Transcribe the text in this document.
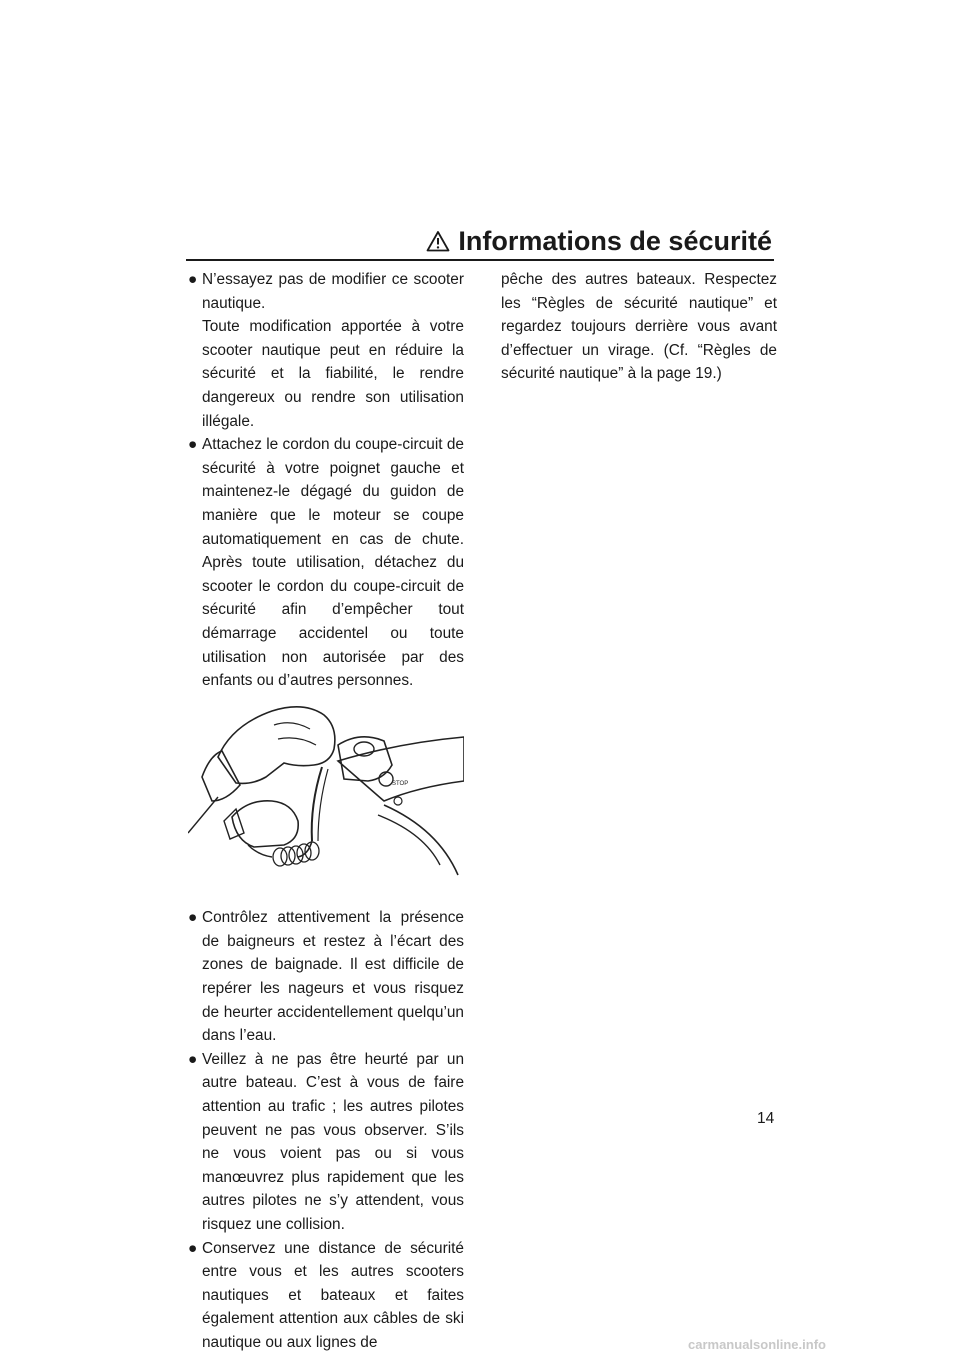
Informations de sécurité
● N’essayez pas de modifier ce scooter nautique.
Toute modification apportée à votre scooter nautique peut en réduire la sécurité et la fiabilité, le rendre dangereux ou rendre son utilisation illégale.
● Attachez le cordon du coupe-circuit de sécurité à votre poignet gauche et maintenez-le dégagé du guidon de manière que le moteur se coupe automatiquement en cas de chute. Après toute utilisation, détachez du scooter le cordon du coupe-circuit de sécurité afin d’empêcher tout démarrage accidentel ou toute utilisation non autorisée par des enfants ou d’autres personnes.
STOP
● Contrôlez attentivement la présence de baigneurs et restez à l’écart des zones de baignade. Il est difficile de repérer les nageurs et vous risquez de heurter accidentellement quelqu’un dans l’eau.
● Veillez à ne pas être heurté par un autre bateau. C’est à vous de faire attention au trafic ; les autres pilotes peuvent ne pas vous observer. S’ils ne vous voient pas ou si vous manœuvrez plus rapidement que les autres pilotes ne s’y attendent, vous risquez une collision.
● Conservez une distance de sécurité entre vous et les autres scooters nautiques et bateaux et faites également attention aux câbles de ski nautique ou aux lignes de
pêche des autres bateaux. Respectez les “Règles de sécurité nautique” et regardez toujours derrière vous avant d’effectuer un virage. (Cf. “Règles de sécurité nautique” à la page 19.)
14
carmanualsonline.info
